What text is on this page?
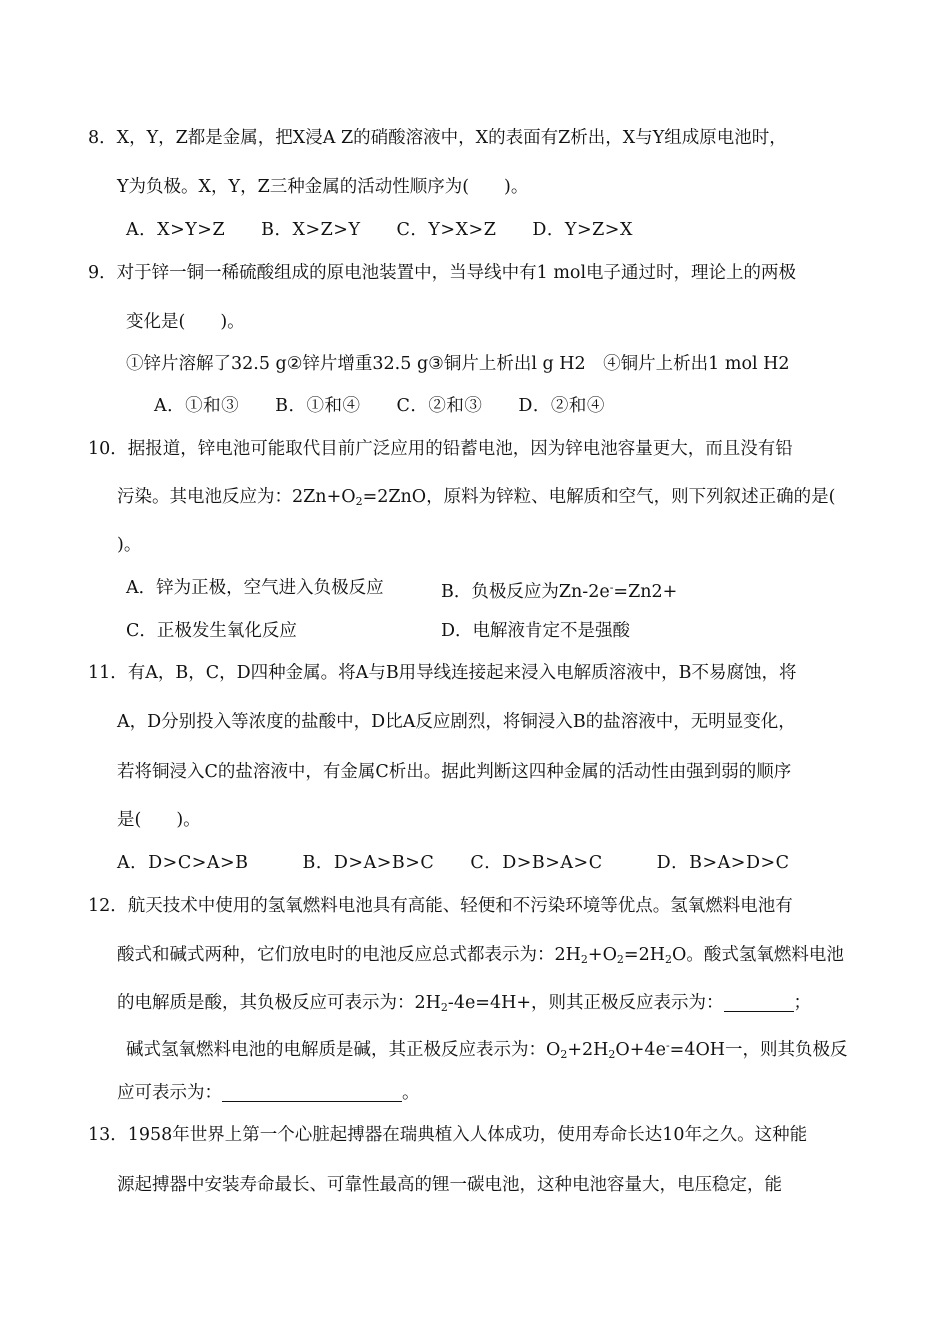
8．X，Y，Z都是金属，把X浸A Z的硝酸溶液中，X的表面有Z析出，X与Y组成原电池时，
Y为负极。X，Y，Z三种金属的活动性顺序为(　　)。
A．X>Y>Z　　B．X>Z>Y　　C．Y>X>Z　　D．Y>Z>X
9．对于锌一铜一稀硫酸组成的原电池装置中，当导线中有1 mol电子通过时，理论上的两极
变化是(　　)。
①锌片溶解了32.5 g②锌片增重32.5 g③铜片上析出l g H2　④铜片上析出1 mol H2
A．①和③　　B．①和④　　C．②和③　　D．②和④
10．据报道，锌电池可能取代目前广泛应用的铅蓄电池，因为锌电池容量更大，而且没有铅
污染。其电池反应为：$2Zn+O_2=2ZnO$，原料为锌粒、电解质和空气，则下列叙述正确的是(
)。
A．锌为正极，空气进入负极反应	B．负极反应为Zn-2e-=Zn2+
C．正极发生氧化反应	D．电解液肯定不是强酸
11．有A，B，C，D四种金属。将A与B用导线连接起来浸入电解质溶液中，B不易腐蚀，将
A，D分别投入等浓度的盐酸中，D比A反应剧烈，将铜浸入B的盐溶液中，无明显变化，
若将铜浸入C的盐溶液中，有金属C析出。据此判断这四种金属的活动性由强到弱的顺序
是(　　)。
A．D>C>A>B　　　B．D>A>B>C　　C．D>B>A>C　　　D．B>A>D>C
12．航天技术中使用的氢氧燃料电池具有高能、轻便和不污染环境等优点。氢氧燃料电池有
酸式和碱式两种，它们放电时的电池反应总式都表示为：$2H_2+O_2=2H_2O$。酸式氢氧燃料电池
的电解质是酸，其负极反应可表示为：$2H_2-4e=4H+$，则其正极反应表示为：	；
碱式氢氧燃料电池的电解质是碱，其正极反应表示为：$O_2+2H_2O+4e^-=4OH$一，则其负极反
应可表示为：	。
13．1958年世界上第一个心脏起搏器在瑞典植入人体成功，使用寿命长达10年之久。这种能
源起搏器中安装寿命最长、可靠性最高的锂一碳电池，这种电池容量大，电压稳定，能
